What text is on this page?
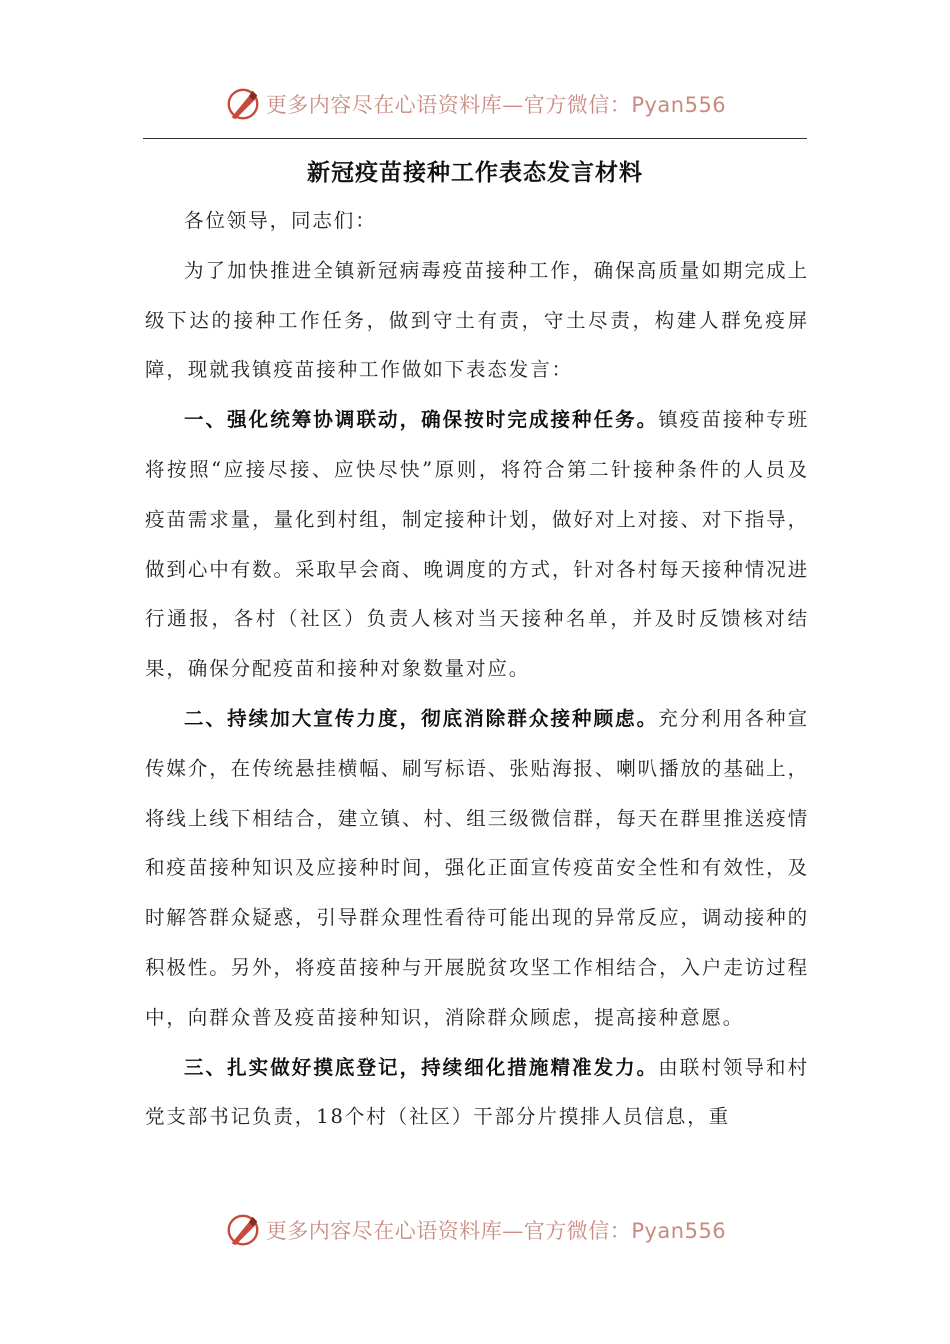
更多内容尽在心语资料库—官方微信：Pyan556
新冠疫苗接种工作表态发言材料

各位领导，同志们：

为了加快推进全镇新冠病毒疫苗接种工作，确保高质量如期完成上级下达的接种工作任务，做到守土有责，守土尽责，构建人群免疫屏障，现就我镇疫苗接种工作做如下表态发言：

一、强化统筹协调联动，确保按时完成接种任务。镇疫苗接种专班将按照“应接尽接、应快尽快”原则，将符合第二针接种条件的人员及疫苗需求量，量化到村组，制定接种计划，做好对上对接、对下指导，做到心中有数。采取早会商、晚调度的方式，针对各村每天接种情况进行通报，各村（社区）负责人核对当天接种名单，并及时反馈核对结果，确保分配疫苗和接种对象数量对应。

二、持续加大宣传力度，彻底消除群众接种顾虑。充分利用各种宣传媒介，在传统悬挂横幅、刷写标语、张贴海报、喇叭播放的基础上，将线上线下相结合，建立镇、村、组三级微信群，每天在群里推送疫情和疫苗接种知识及应接种时间，强化正面宣传疫苗安全性和有效性，及时解答群众疑惑，引导群众理性看待可能出现的异常反应，调动接种的积极性。另外，将疫苗接种与开展脱贫攻坚工作相结合，入户走访过程中，向群众普及疫苗接种知识，消除群众顾虑，提高接种意愿。

三、扎实做好摸底登记，持续细化措施精准发力。由联村领导和村党支部书记负责，18个村（社区）干部分片摸排人员信息，重

更多内容尽在心语资料库—官方微信：Pyan556
